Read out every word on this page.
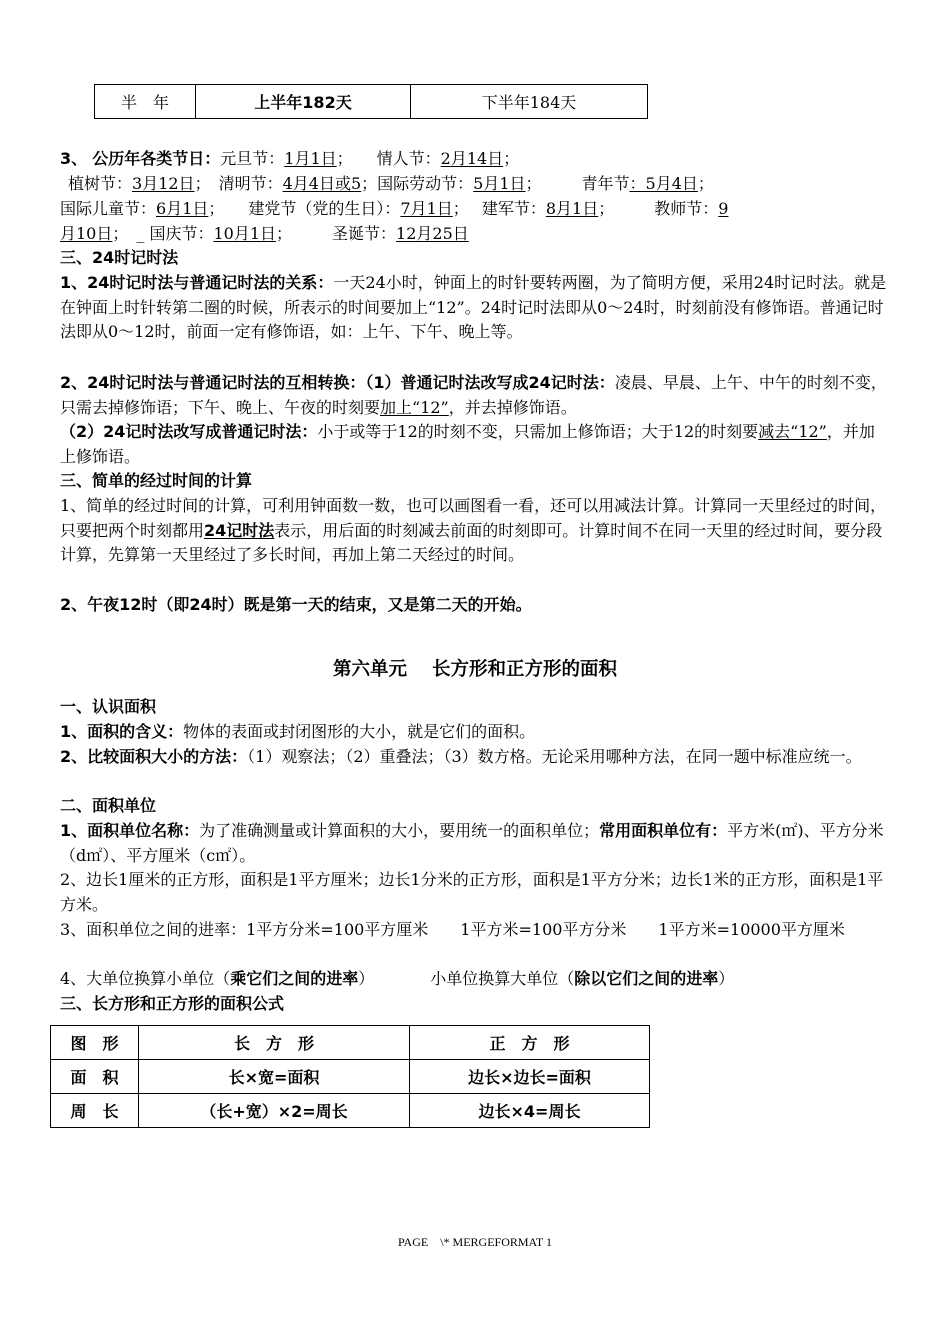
半　年	上半年182天	下半年184天

3、 公历年各类节日：元旦节：1月1日；　　情人节：2月14日；

植树节：3月12日；　清明节：4月4日或5；国际劳动节：5月1日；　　　青年节：5月4日；

国际儿童节：6月1日；　　建党节（党的生日）：7月1日；　 建军节：8月1日；　　　教师节：9

月10日；　_ 国庆节：10月1日；　　　圣诞节：12月25日

三、24时记时法

1、24时记时法与普通记时法的关系：一天24小时，钟面上的时针要转两圈，为了简明方便，采用24时记时法。就是在钟面上时针转第二圈的时候，所表示的时间要加上“12”。24时记时法即从0～24时，时刻前没有修饰语。普通记时法即从0～12时，前面一定有修饰语，如：上午、下午、晚上等。

2、24时记时法与普通记时法的互相转换：（1）普通记时法改写成24记时法：凌晨、早晨、上午、中午的时刻不变，只需去掉修饰语；下午、晚上、午夜的时刻要加上“12”，并去掉修饰语。

（2）24记时法改写成普通记时法：小于或等于12的时刻不变，只需加上修饰语；大于12的时刻要减去“12”，并加上修饰语。

三、简单的经过时间的计算

1、简单的经过时间的计算，可利用钟面数一数，也可以画图看一看，还可以用减法计算。计算同一天里经过的时间，只要把两个时刻都用24记时法表示，用后面的时刻减去前面的时刻即可。计算时间不在同一天里的经过时间，要分段计算，先算第一天里经过了多长时间，再加上第二天经过的时间。

2、午夜12时（即24时）既是第一天的结束，又是第二天的开始。

第六单元　 长方形和正方形的面积

一、认识面积

1、面积的含义：物体的表面或封闭图形的大小，就是它们的面积。

2、比较面积大小的方法：（1）观察法；（2）重叠法；（3）数方格。无论采用哪种方法，在同一题中标准应统一。

二、面积单位

1、面积单位名称：为了准确测量或计算面积的大小，要用统一的面积单位；常用面积单位有：平方米(㎡)、平方分米（d㎡）、平方厘米（c㎡）。

2、边长1厘米的正方形，面积是1平方厘米；边长1分米的正方形，面积是1平方分米；边长1米的正方形，面积是1平方米。

3、面积单位之间的进率：1平方分米=100平方厘米　　1平方米=100平方分米　　1平方米=10000平方厘米

4、大单位换算小单位（乘它们之间的进率）　　　　小单位换算大单位（除以它们之间的进率）

三、长方形和正方形的面积公式

图　形	长　方　形	正　方　形
面　积	长×宽=面积	边长×边长=面积
周　长	（长+宽）×2=周长	边长×4=周长
PAGE　\* MERGEFORMAT 1
